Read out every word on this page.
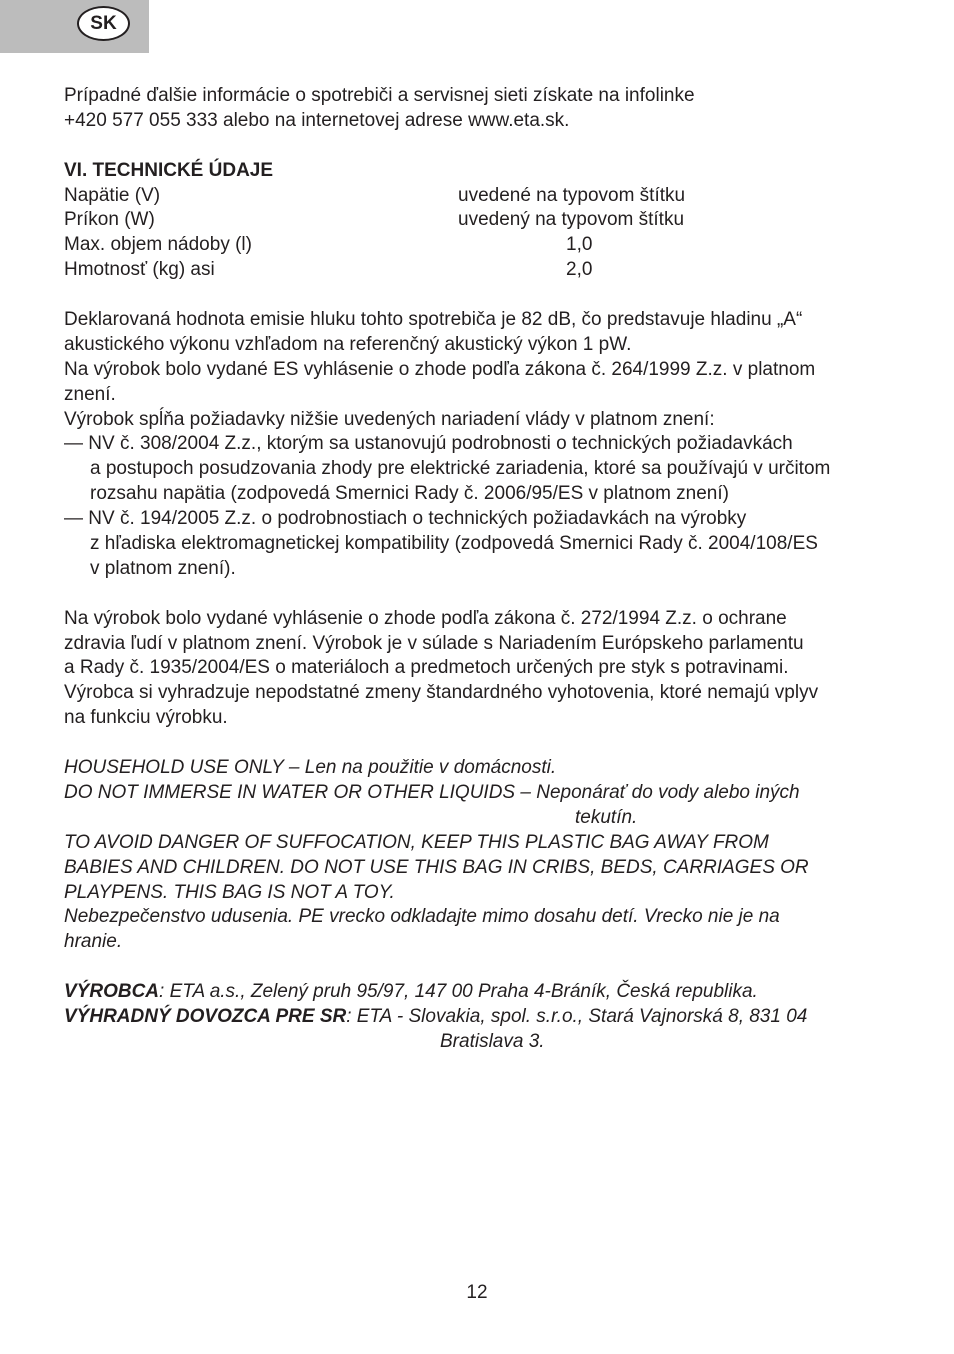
SK
Prípadné ďalšie informácie o spotrebiči a servisnej sieti získate na infolinke
+420 577 055 333 alebo na internetovej adrese www.eta.sk.
VI. TECHNICKÉ ÚDAJE
Napätie (V)	uvedené na typovom štítku
Príkon (W)	uvedený na typovom štítku
Max. objem nádoby (l)	1,0
Hmotnosť (kg) asi	2,0
Deklarovaná hodnota emisie hluku tohto spotrebiča je 82 dB, čo predstavuje hladinu „A“
akustického výkonu vzhľadom na referenčný akustický výkon 1 pW.
Na výrobok bolo vydané ES vyhlásenie o zhode podľa zákona č. 264/1999 Z.z. v platnom
znení.
Výrobok spĺňa požiadavky nižšie uvedených nariadení vlády v platnom znení:
— NV č. 308/2004 Z.z., ktorým sa ustanovujú podrobnosti o technických požiadavkách
a postupoch posudzovania zhody pre elektrické zariadenia, ktoré sa používajú v určitom
rozsahu napätia (zodpovedá Smernici Rady č. 2006/95/ES v platnom znení)
— NV č. 194/2005 Z.z. o podrobnostiach o technických požiadavkách na výrobky
z hľadiska elektromagnetickej kompatibility (zodpovedá Smernici Rady č. 2004/108/ES
v platnom znení).
Na výrobok bolo vydané vyhlásenie o zhode podľa zákona č. 272/1994 Z.z. o ochrane
zdravia ľudí v platnom znení. Výrobok je v súlade s Nariadením Európskeho parlamentu
a Rady č. 1935/2004/ES o materiáloch a predmetoch určených pre styk s potravinami.
Výrobca si vyhradzuje nepodstatné zmeny štandardného vyhotovenia, ktoré nemajú vplyv
na funkciu výrobku.
HOUSEHOLD USE ONLY – Len na použitie v domácnosti.
DO NOT IMMERSE IN WATER OR OTHER LIQUIDS – Neponárať do vody alebo iných
tekutín.
TO AVOID DANGER OF SUFFOCATION, KEEP THIS PLASTIC BAG AWAY FROM
BABIES AND CHILDREN. DO NOT USE THIS BAG IN CRIBS, BEDS, CARRIAGES OR
PLAYPENS. THIS BAG IS NOT A TOY.
Nebezpečenstvo udusenia. PE vrecko odkladajte mimo dosahu detí. Vrecko nie je na
hranie.
VÝROBCA: ETA a.s., Zelený pruh 95/97, 147 00 Praha 4-Bráník, Česká republika.
VÝHRADNÝ DOVOZCA PRE SR: ETA - Slovakia, spol. s.r.o., Stará Vajnorská 8, 831 04
Bratislava 3.
12
